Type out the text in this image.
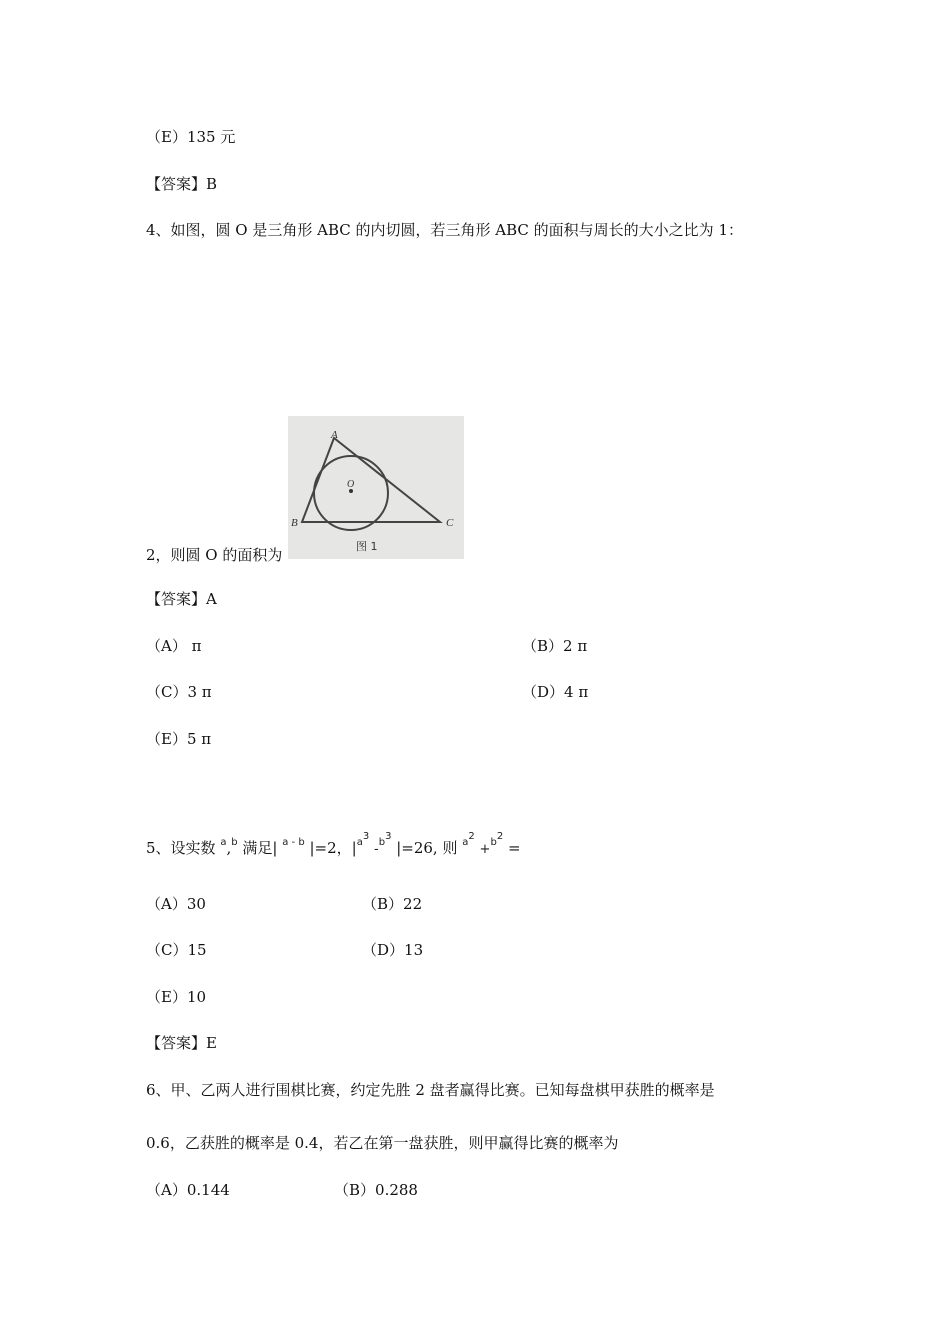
（E）135 元
【答案】B
4、如图，圆 O 是三角形 ABC 的内切圆，若三角形 ABC 的面积与周长的大小之比为 1：
A
B	C
O
图 1
2，则圆 O 的面积为
【答案】A
（A） π	（B）2 π
（C）3 π	（D）4 π
（E）5 π
5、设实数 $^a$,$^b$ 满足| $^{a - b}$ |=2，$|^{a3}$ -$^{b3}$ |=26, 则 $^{a2}$ +$^{b2}$ =
（A）30	（B）22
（C）15	（D）13
（E）10
【答案】E
6、甲、乙两人进行围棋比赛，约定先胜 2 盘者赢得比赛。已知每盘棋甲获胜的概率是
0.6，乙获胜的概率是 0.4，若乙在第一盘获胜，则甲赢得比赛的概率为
（A）0.144	（B）0.288
